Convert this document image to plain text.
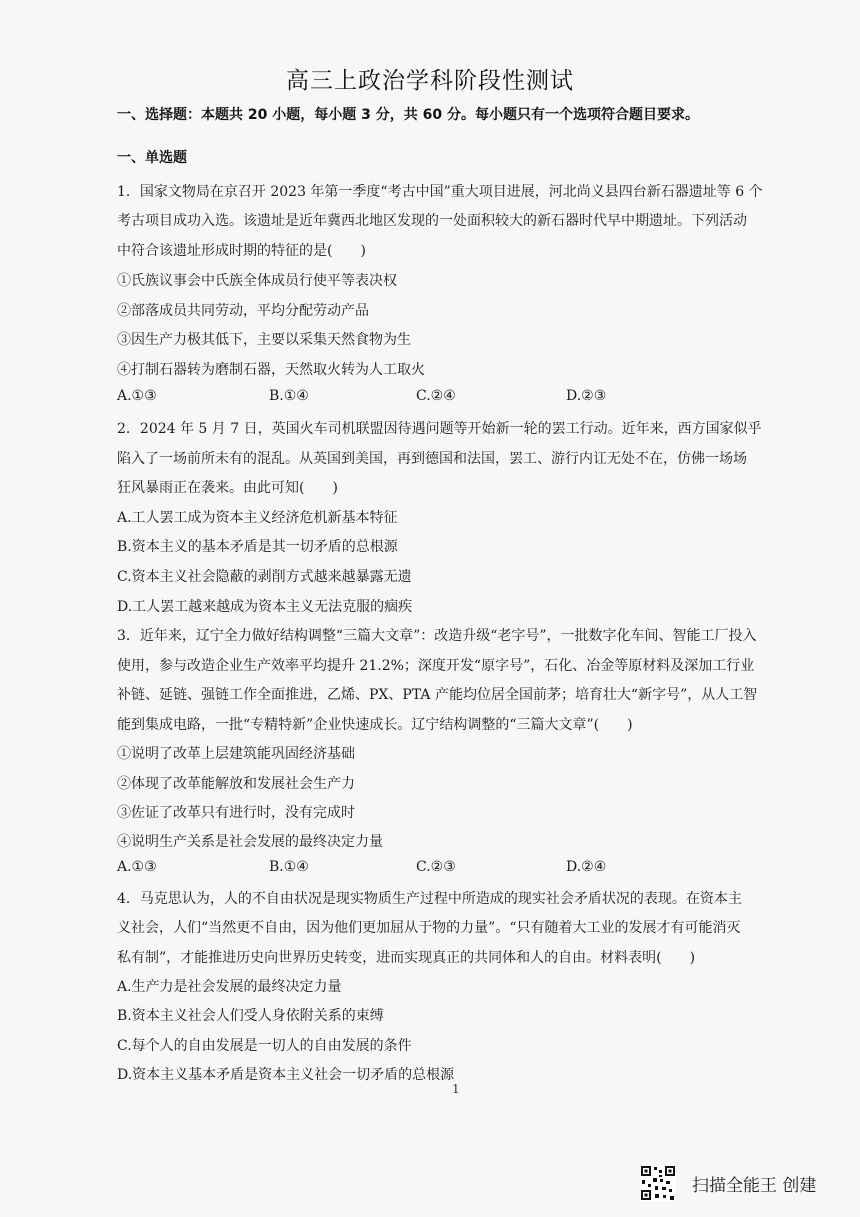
高三上政治学科阶段性测试
一、选择题：本题共 20 小题，每小题 3 分，共 60 分。每小题只有一个选项符合题目要求。
一、单选题
1．国家文物局在京召开 2023 年第一季度“考古中国”重大项目进展，河北尚义县四台新石器遗址等 6 个
考古项目成功入选。该遗址是近年冀西北地区发现的一处面积较大的新石器时代早中期遗址。下列活动
中符合该遗址形成时期的特征的是(　　)
①氏族议事会中氏族全体成员行使平等表决权
②部落成员共同劳动，平均分配劳动产品
③因生产力极其低下，主要以采集天然食物为生
④打制石器转为磨制石器，天然取火转为人工取火
A.①③	B.①④	C.②④	D.②③
2．2024 年 5 月 7 日，英国火车司机联盟因待遇问题等开始新一轮的罢工行动。近年来，西方国家似乎
陷入了一场前所未有的混乱。从英国到美国，再到德国和法国，罢工、游行内讧无处不在，仿佛一场场
狂风暴雨正在袭来。由此可知(　　)
A.工人罢工成为资本主义经济危机新基本特征
B.资本主义的基本矛盾是其一切矛盾的总根源
C.资本主义社会隐蔽的剥削方式越来越暴露无遗
D.工人罢工越来越成为资本主义无法克服的痼疾
3．近年来，辽宁全力做好结构调整“三篇大文章”：改造升级“老字号”，一批数字化车间、智能工厂投入
使用，参与改造企业生产效率平均提升 21.2%；深度开发“原字号”，石化、冶金等原材料及深加工行业
补链、延链、强链工作全面推进，乙烯、PX、PTA 产能均位居全国前茅；培育壮大“新字号”，从人工智
能到集成电路，一批“专精特新”企业快速成长。辽宁结构调整的“三篇大文章”(　　)
①说明了改革上层建筑能巩固经济基础
②体现了改革能解放和发展社会生产力
③佐证了改革只有进行时，没有完成时
④说明生产关系是社会发展的最终决定力量
A.①③	B.①④	C.②③	D.②④
4．马克思认为，人的不自由状况是现实物质生产过程中所造成的现实社会矛盾状况的表现。在资本主
义社会，人们“当然更不自由，因为他们更加屈从于物的力量”。“只有随着大工业的发展才有可能消灭
私有制”，才能推进历史向世界历史转变，进而实现真正的共同体和人的自由。材料表明(　　)
A.生产力是社会发展的最终决定力量
B.资本主义社会人们受人身依附关系的束缚
C.每个人的自由发展是一切人的自由发展的条件
D.资本主义基本矛盾是资本主义社会一切矛盾的总根源
1
扫描全能王 创建
